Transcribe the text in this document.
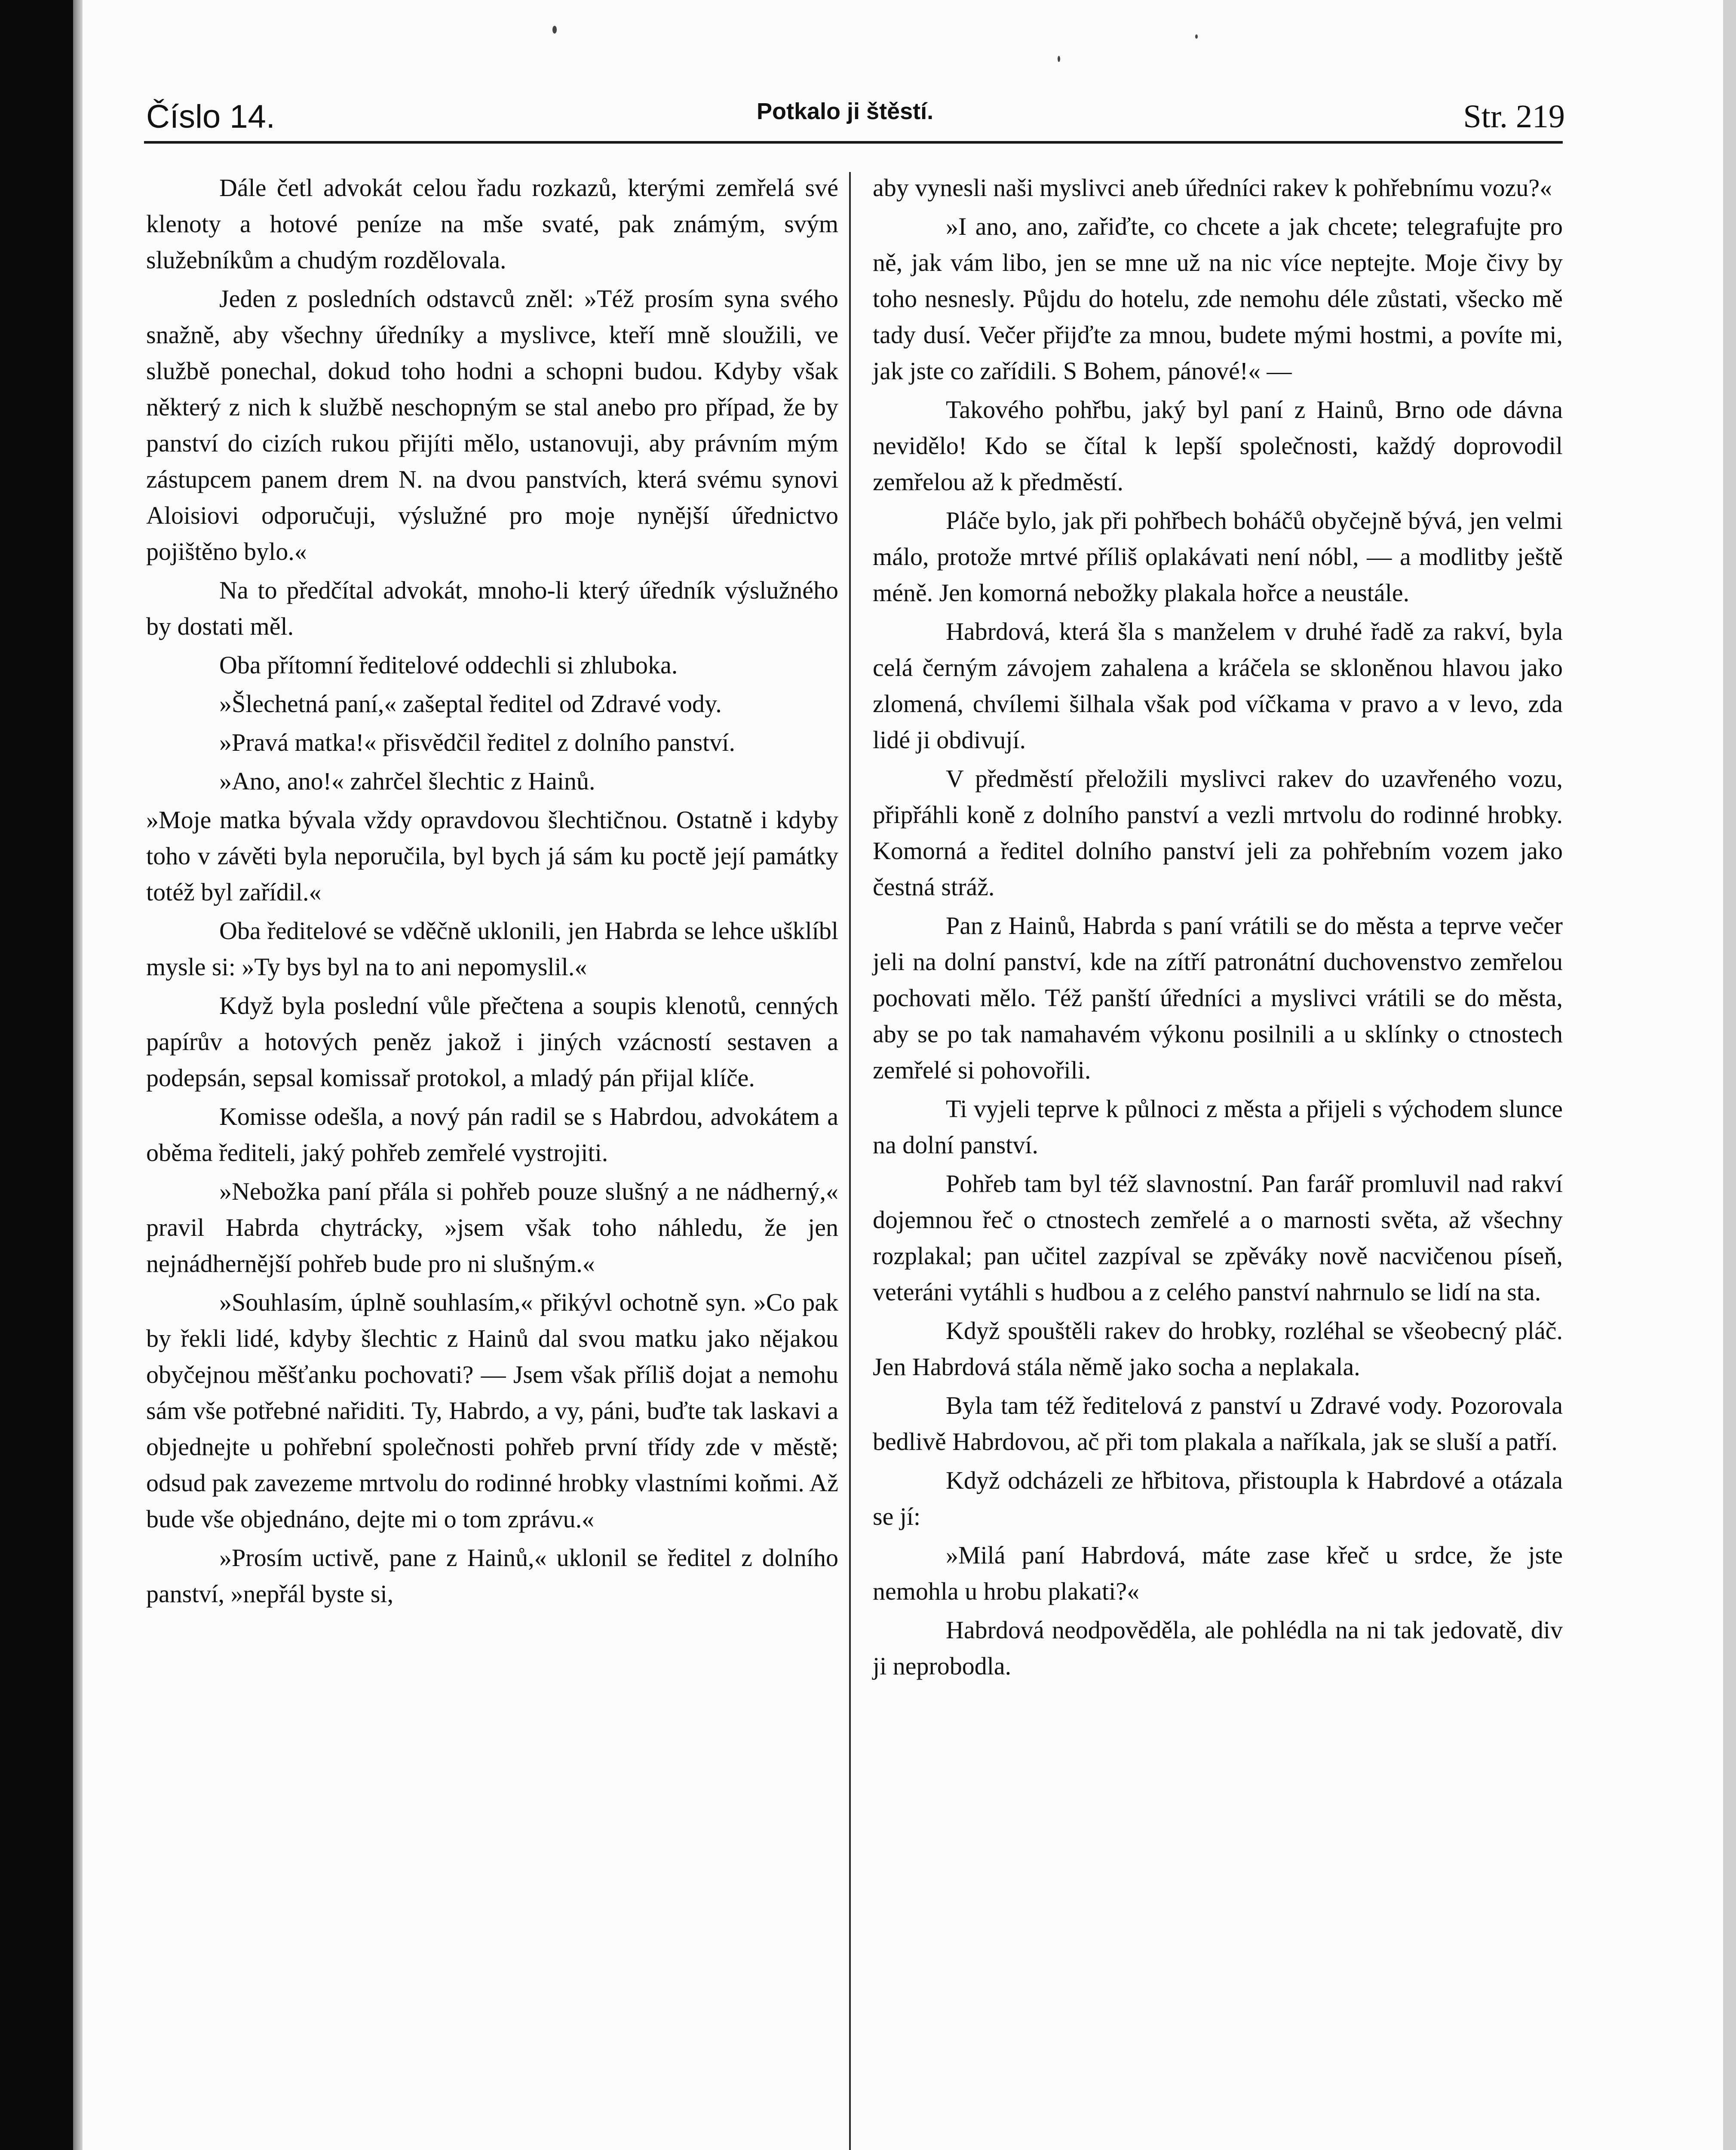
Číslo 14.	Potkalo ji štěstí.	Str. 219

Dále četl advokát celou řadu rozkazů, kterými zemřelá své klenoty a hotové peníze na mše svaté, pak známým, svým služebníkům a chudým rozdělovala.

Jeden z posledních odstavců zněl: »Též prosím syna svého snažně, aby všechny úředníky a myslivce, kteří mně sloužili, ve službě ponechal, dokud toho hodni a schopni budou. Kdyby však některý z nich k službě neschopným se stal anebo pro případ, že by panství do cizích rukou přijíti mělo, ustanovuji, aby právním mým zástupcem panem drem N. na dvou panstvích, která svému synovi Aloisiovi odporučuji, výslužné pro moje nynější úřednictvo pojištěno bylo.«

Na to předčítal advokát, mnoho-li který úředník výslužného by dostati měl.

Oba přítomní ředitelové oddechli si zhluboka.

»Šlechetná paní,« zašeptal ředitel od Zdravé vody.

»Pravá matka!« přisvědčil ředitel z dolního panství.

»Ano, ano!« zahrčel šlechtic z Hainů.

»Moje matka bývala vždy opravdovou šlechtičnou. Ostatně i kdyby toho v závěti byla neporučila, byl bych já sám ku poctě její památky totéž byl zařídil.«

Oba ředitelové se vděčně uklonili, jen Habrda se lehce ušklíbl mysle si: »Ty bys byl na to ani nepomyslil.«

Když byla poslední vůle přečtena a soupis klenotů, cenných papírův a hotových peněz jakož i jiných vzácností sestaven a podepsán, sepsal komissař protokol, a mladý pán přijal klíče.

Komisse odešla, a nový pán radil se s Habrdou, advokátem a oběma řediteli, jaký pohřeb zemřelé vystrojiti.

»Nebožka paní přála si pohřeb pouze slušný a ne nádherný,« pravil Habrda chytrácky, »jsem však toho náhledu, že jen nejnádhernější pohřeb bude pro ni slušným.«

»Souhlasím, úplně souhlasím,« přikývl ochotně syn. »Co pak by řekli lidé, kdyby šlechtic z Hainů dal svou matku jako nějakou obyčejnou měšťanku pochovati? — Jsem však příliš dojat a nemohu sám vše potřebné nařiditi. Ty, Habrdo, a vy, páni, buďte tak laskavi a objednejte u pohřební společnosti pohřeb první třídy zde v městě; odsud pak zavezeme mrtvolu do rodinné hrobky vlastními koňmi. Až bude vše objednáno, dejte mi o tom zprávu.«

»Prosím uctivě, pane z Hainů,« uklonil se ředitel z dolního panství, »nepřál byste si,

aby vynesli naši myslivci aneb úředníci rakev k pohřebnímu vozu?«

»I ano, ano, zařiďte, co chcete a jak chcete; telegrafujte pro ně, jak vám libo, jen se mne už na nic více neptejte. Moje čivy by toho nesnesly. Půjdu do hotelu, zde nemohu déle zůstati, všecko mě tady dusí. Večer přijďte za mnou, budete mými hostmi, a povíte mi, jak jste co zařídili. S Bohem, pánové!« —

Takového pohřbu, jaký byl paní z Hainů, Brno ode dávna nevidělo! Kdo se čítal k lepší společnosti, každý doprovodil zemřelou až k předměstí.

Pláče bylo, jak při pohřbech boháčů obyčejně bývá, jen velmi málo, protože mrtvé příliš oplakávati není nóbl, — a modlitby ještě méně. Jen komorná nebožky plakala hořce a neustále.

Habrdová, která šla s manželem v druhé řadě za rakví, byla celá černým závojem zahalena a kráčela se skloněnou hlavou jako zlomená, chvílemi šilhala však pod víčkama v pravo a v levo, zda lidé ji obdivují.

V předměstí přeložili myslivci rakev do uzavřeného vozu, připřáhli koně z dolního panství a vezli mrtvolu do rodinné hrobky. Komorná a ředitel dolního panství jeli za pohřebním vozem jako čestná stráž.

Pan z Hainů, Habrda s paní vrátili se do města a teprve večer jeli na dolní panství, kde na zítří patronátní duchovenstvo zemřelou pochovati mělo. Též panští úředníci a myslivci vrátili se do města, aby se po tak namahavém výkonu posilnili a u sklínky o ctnostech zemřelé si pohovořili.

Ti vyjeli teprve k půlnoci z města a přijeli s východem slunce na dolní panství.

Pohřeb tam byl též slavnostní. Pan farář promluvil nad rakví dojemnou řeč o ctnostech zemřelé a o marnosti světa, až všechny rozplakal; pan učitel zazpíval se zpěváky nově nacvičenou píseň, veteráni vytáhli s hudbou a z celého panství nahrnulo se lidí na sta.

Když spouštěli rakev do hrobky, rozléhal se všeobecný pláč. Jen Habrdová stála němě jako socha a neplakala.

Byla tam též ředitelová z panství u Zdravé vody. Pozorovala bedlivě Habrdovou, ač při tom plakala a naříkala, jak se sluší a patří.

Když odcházeli ze hřbitova, přistoupla k Habrdové a otázala se jí:

»Milá paní Habrdová, máte zase křeč u srdce, že jste nemohla u hrobu plakati?«

Habrdová neodpověděla, ale pohlédla na ni tak jedovatě, div ji neprobodla.
